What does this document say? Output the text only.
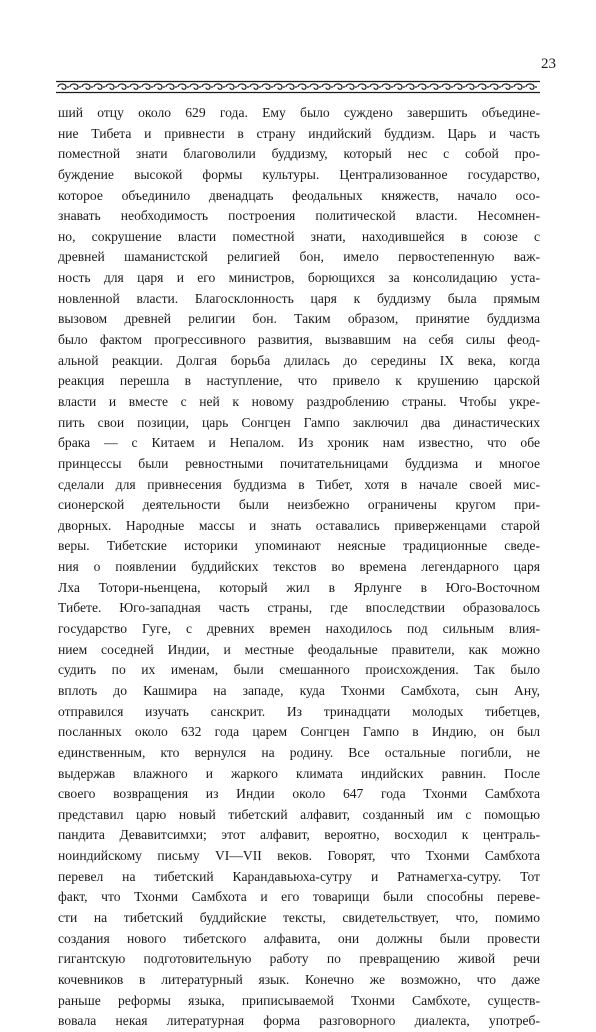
23
ший отцу около 629 года. Ему было суждено завершить объедине-
ние Тибета и привнести в страну индийский буддизм. Царь и часть
поместной знати благоволили буддизму, который нес с собой про-
буждение высокой формы культуры. Централизованное государство,
которое объединило двенадцать феодальных княжеств, начало осо-
знавать необходимость построения политической власти. Несомнен-
но, сокрушение власти поместной знати, находившейся в союзе с
древней шаманистской религией бон, имело первостепенную важ-
ность для царя и его министров, борющихся за консолидацию уста-
новленной власти. Благосклонность царя к буддизму была прямым
вызовом древней религии бон. Таким образом, принятие буддизма
было фактом прогрессивного развития, вызвавшим на себя силы феод-
альной реакции. Долгая борьба длилась до середины IX века, когда
реакция перешла в наступление, что привело к крушению царской
власти и вместе с ней к новому раздроблению страны. Чтобы укре-
пить свои позиции, царь Сонгцен Гампо заключил два династических
брака — с Китаем и Непалом. Из хроник нам известно, что обе
принцессы были ревностными почитательницами буддизма и многое
сделали для привнесения буддизма в Тибет, хотя в начале своей мис-
сионерской деятельности были неизбежно ограничены кругом при-
дворных. Народные массы и знать оставались приверженцами старой
веры. Тибетские историки упоминают неясные традиционные сведе-
ния о появлении буддийских текстов во времена легендарного царя
Лха Тотори-ньенцена, который жил в Ярлунге в Юго-Восточном
Тибете. Юго-западная часть страны, где впоследствии образовалось
государство Гуге, с древних времен находилось под сильным влия-
нием соседней Индии, и местные феодальные правители, как можно
судить по их именам, были смешанного происхождения. Так было
вплоть до Кашмира на западе, куда Тхонми Самбхота, сын Ану,
отправился изучать санскрит. Из тринадцати молодых тибетцев,
посланных около 632 года царем Сонгцен Гампо в Индию, он был
единственным, кто вернулся на родину. Все остальные погибли, не
выдержав влажного и жаркого климата индийских равнин. После
своего возвращения из Индии около 647 года Тхонми Самбхота
представил царю новый тибетский алфавит, созданный им с помощью
пандита Девавитсимхи; этот алфавит, вероятно, восходил к централь-
ноиндийскому письму VI—VII веков. Говорят, что Тхонми Самбхота
перевел на тибетский Карандавьюха-сутру и Ратнамегха-сутру. Тот
факт, что Тхонми Самбхота и его товарищи были способны переве-
сти на тибетский буддийские тексты, свидетельствует, что, помимо
создания нового тибетского алфавита, они должны были провести
гигантскую подготовительную работу по превращению живой речи
кочевников в литературный язык. Конечно же возможно, что даже
раньше реформы языка, приписываемой Тхонми Самбхоте, существ-
вовала некая литературная форма разговорного диалекта, употреб-
